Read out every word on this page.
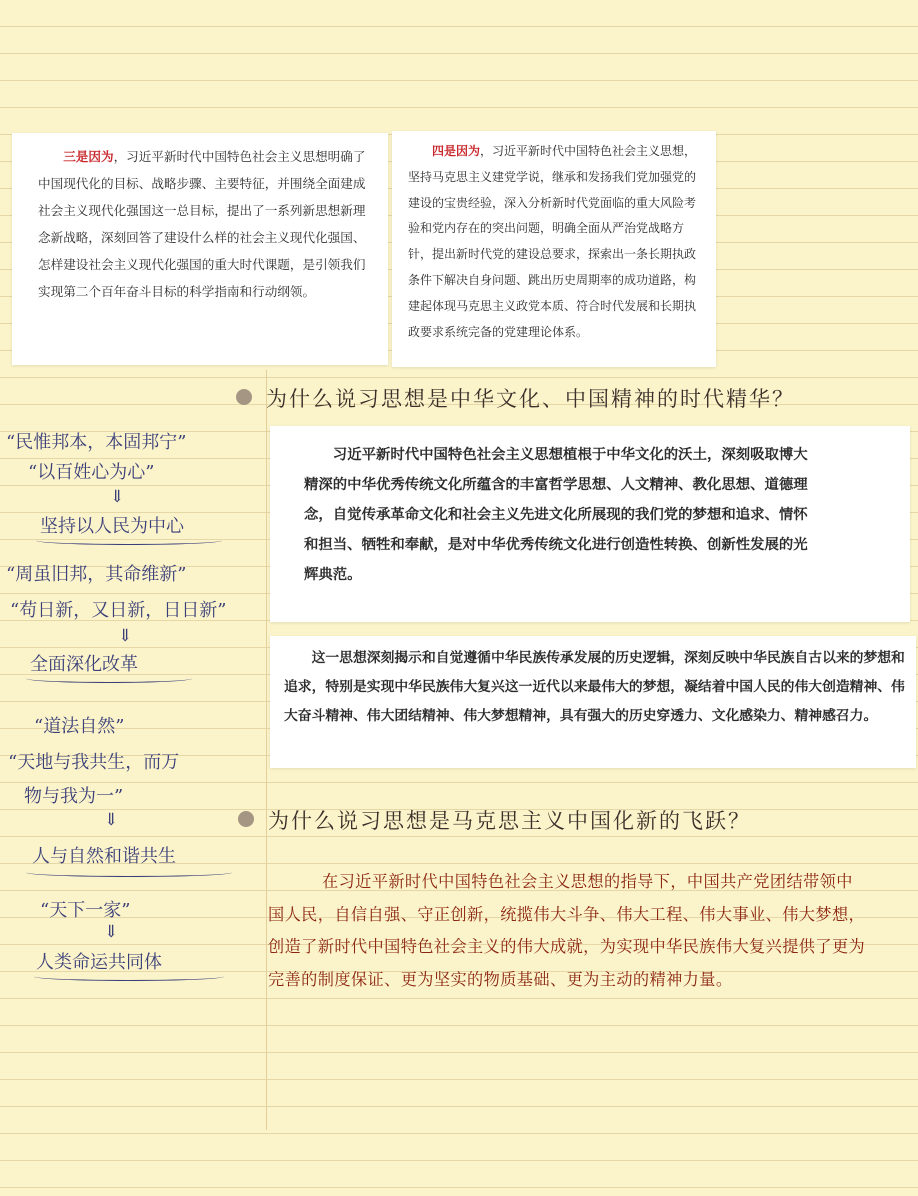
三是因为，习近平新时代中国特色社会主义思想明确了中国现代化的目标、战略步骤、主要特征，并围绕全面建成社会主义现代化强国这一总目标，提出了一系列新思想新理念新战略，深刻回答了建设什么样的社会主义现代化强国、怎样建设社会主义现代化强国的重大时代课题，是引领我们实现第二个百年奋斗目标的科学指南和行动纲领。

四是因为，习近平新时代中国特色社会主义思想，坚持马克思主义建党学说，继承和发扬我们党加强党的建设的宝贵经验，深入分析新时代党面临的重大风险考验和党内存在的突出问题，明确全面从严治党战略方针，提出新时代党的建设总要求，探索出一条长期执政条件下解决自身问题、跳出历史周期率的成功道路，构建起体现马克思主义政党本质、符合时代发展和长期执政要求系统完备的党建理论体系。

为什么说习思想是中华文化、中国精神的时代精华？

习近平新时代中国特色社会主义思想植根于中华文化的沃土，深刻吸取博大精深的中华优秀传统文化所蕴含的丰富哲学思想、人文精神、教化思想、道德理念，自觉传承革命文化和社会主义先进文化所展现的我们党的梦想和追求、情怀和担当、牺牲和奉献，是对中华优秀传统文化进行创造性转换、创新性发展的光辉典范。

这一思想深刻揭示和自觉遵循中华民族传承发展的历史逻辑，深刻反映中华民族自古以来的梦想和追求，特别是实现中华民族伟大复兴这一近代以来最伟大的梦想，凝结着中国人民的伟大创造精神、伟大奋斗精神、伟大团结精神、伟大梦想精神，具有强大的历史穿透力、文化感染力、精神感召力。

“民惟邦本，本固邦宁”
“以百姓心为心”
⇓
坚持以人民为中心
“周虽旧邦，其命维新”
“苟日新，又日新，日日新”
⇓
全面深化改革
“道法自然”
“天地与我共生，而万
物与我为一”
⇓
人与自然和谐共生
“天下一家”
⇓
人类命运共同体
为什么说习思想是马克思主义中国化新的飞跃？
在习近平新时代中国特色社会主义思想的指导下，中国共产党团结带领中国人民，自信自强、守正创新，统揽伟大斗争、伟大工程、伟大事业、伟大梦想，创造了新时代中国特色社会主义的伟大成就，为实现中华民族伟大复兴提供了更为完善的制度保证、更为坚实的物质基础、更为主动的精神力量。
